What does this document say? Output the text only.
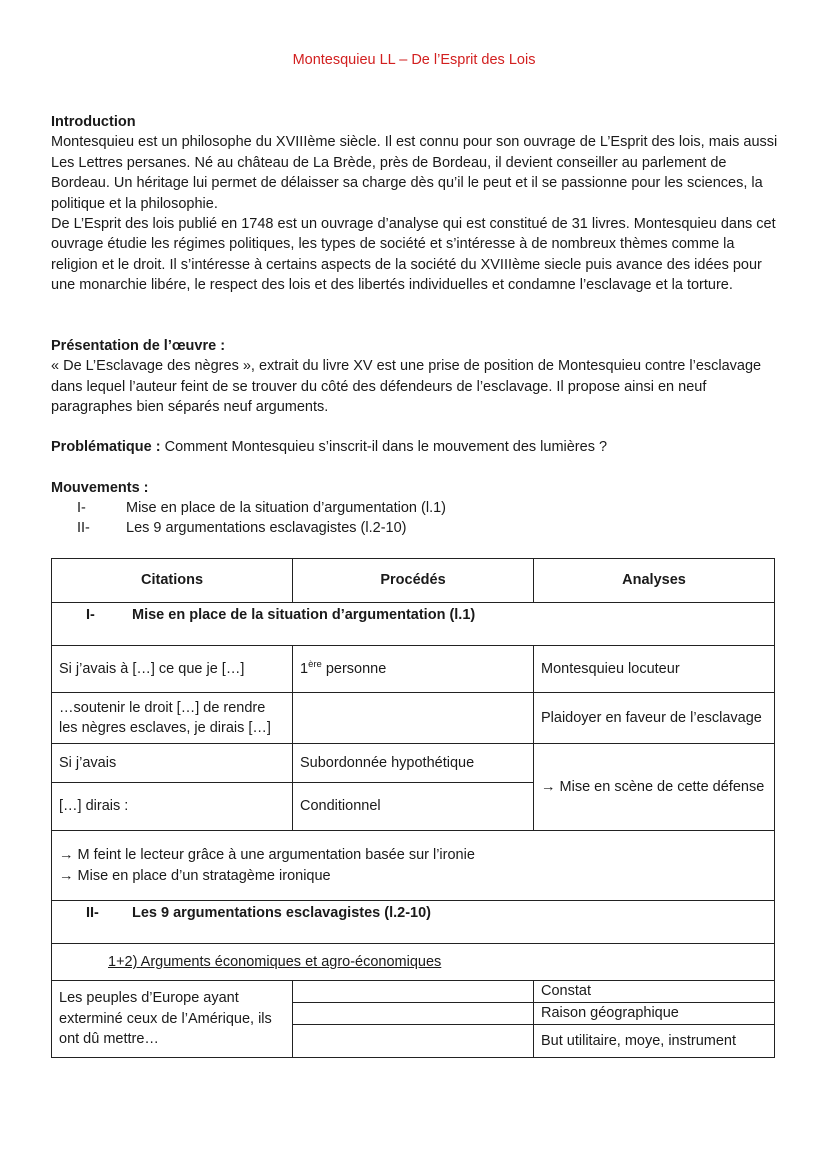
Montesquieu LL – De l’Esprit des Lois
Introduction

Montesquieu est un philosophe du XVIIIème siècle. Il est connu pour son ouvrage de L’Esprit des lois, mais aussi Les Lettres persanes. Né au château de La Brède, près de Bordeau, il devient conseiller au parlement de Bordeau. Un héritage lui permet de délaisser sa charge dès qu’il le peut et il se passionne pour les sciences, la politique et la philosophie.

De L’Esprit des lois publié en 1748 est un ouvrage d’analyse qui est constitué de 31 livres. Montesquieu dans cet ouvrage étudie les régimes politiques, les types de société et s’intéresse à de nombreux thèmes comme la religion et le droit. Il s’intéresse à certains aspects de la société du XVIIIème siecle puis avance des idées pour une monarchie libére, le respect des lois et des libertés individuelles et condamne l’esclavage et la torture.

Présentation de l’œuvre :

« De L’Esclavage des nègres », extrait du livre XV est une prise de position de Montesquieu contre l’esclavage dans lequel l’auteur feint de se trouver du côté des défendeurs de l’esclavage. Il propose ainsi en neuf paragraphes bien séparés neuf arguments.

Problématique : Comment Montesquieu s’inscrit-il dans le mouvement des lumières ?
Mouvements :
I-	Mise en place de la situation d’argumentation (l.1)
II- Les 9 argumentations esclavagistes (l.2-10)
Citations	Procédés	Analyses
I- Mise en place de la situation d’argumentation (l.1)		
Si j’avais à […] ce que je […]	1ère personne	Montesquieu locuteur
…soutenir le droit […] de rendre les nègres esclaves, je dirais […]		Plaidoyer en faveur de l’esclavage
Si j’avais	Subordonnée hypothétique	→ Mise en scène de cette défense
[…] dirais :	Conditionnel	

→ M feint le lecteur grâce à une argumentation basée sur l’ironie
→ Mise en place d’un stratagème ironique		

II- Les 9 argumentations esclavagistes (l.2-10)		
1+2) Arguments économiques et agro-économiques		
Les peuples d’Europe ayant exterminé ceux de l’Amérique, ils ont dû mettre…		Constat
		Raison géographique
		But utilitaire, moye, instrument
